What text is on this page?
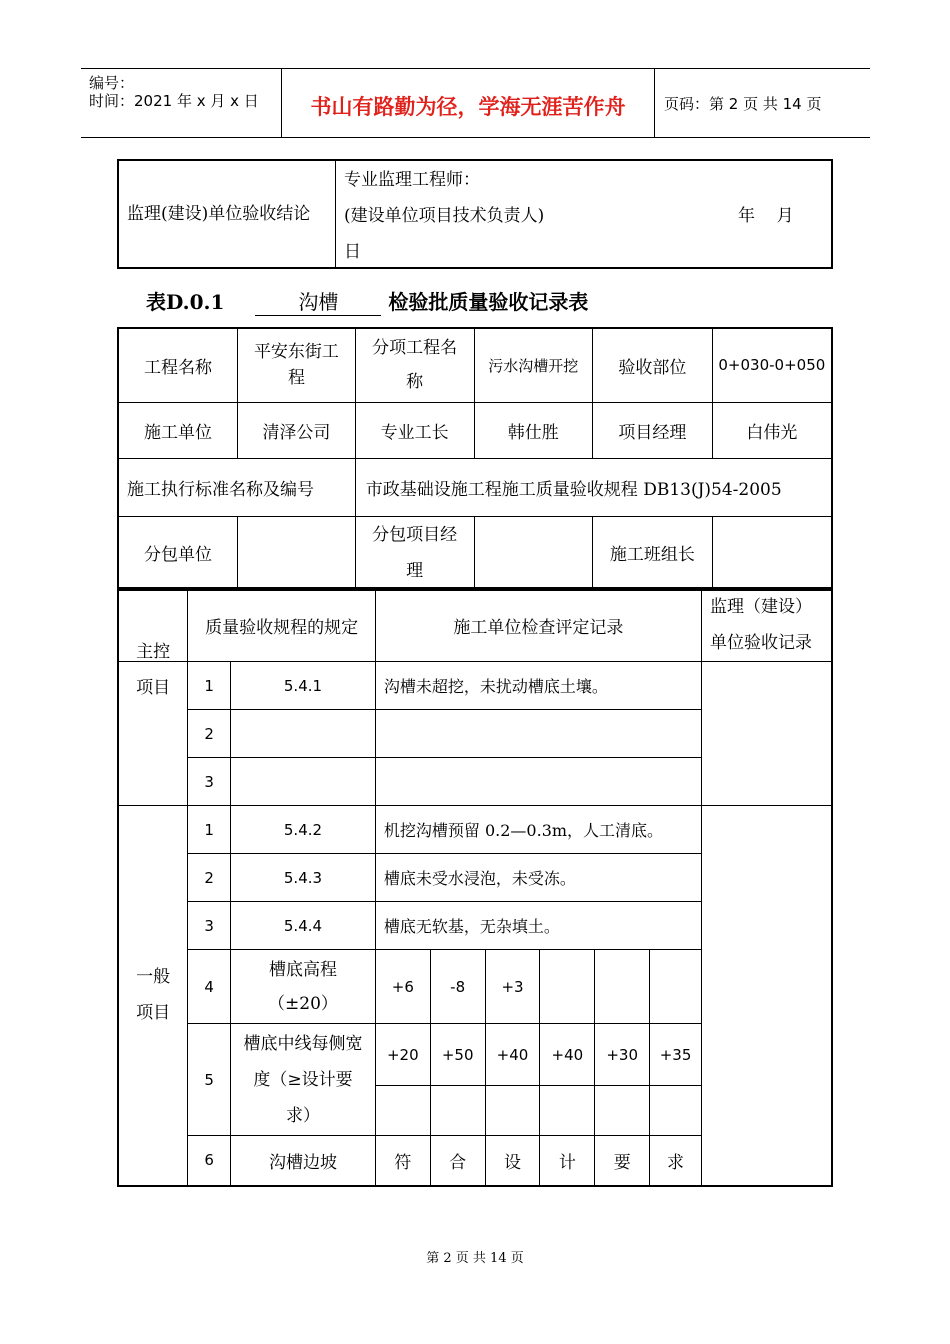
编号：
时间：2021 年 x 月 x 日	书山有路勤为径，学海无涯苦作舟	页码：第 2 页 共 14 页
监理(建设)单位验收结论	
专业监理工程师：
(建设单位项目技术负责人)	年    月
日
表D.0.1	沟槽 检验批质量验收记录表
工程名称	平安东街工程	分项工程名称	污水沟槽开挖	验收部位	0+030-0+050
施工单位	清泽公司	专业工长	韩仕胜	项目经理	白伟光
施工执行标准名称及编号		市政基础设施工程施工质量验收规程 DB13(J)54-2005			
分包单位		分包项目经理		施工班组长	
	质量验收规程的规定		施工单位检查评定记录						监理（建设）单位验收记录

主控项目	1	5.4.1	沟槽未超挖，未扰动槽底土壤。						
	2								
	3								

一般项目	1	5.4.2	机挖沟槽预留 0.2—0.3m，人工清底。						
	2	5.4.3	槽底未受水浸泡，未受冻。						
	3	5.4.4	槽底无软基，无杂填土。						
	4	槽底高程（±20）	+6	-8	+3				
	5	槽底中线每侧宽度（≥设计要求）	+20	+50	+40	+40	+30	+35	

	6	沟槽边坡	符	合	设	计	要	求	
第 2 页 共 14 页
